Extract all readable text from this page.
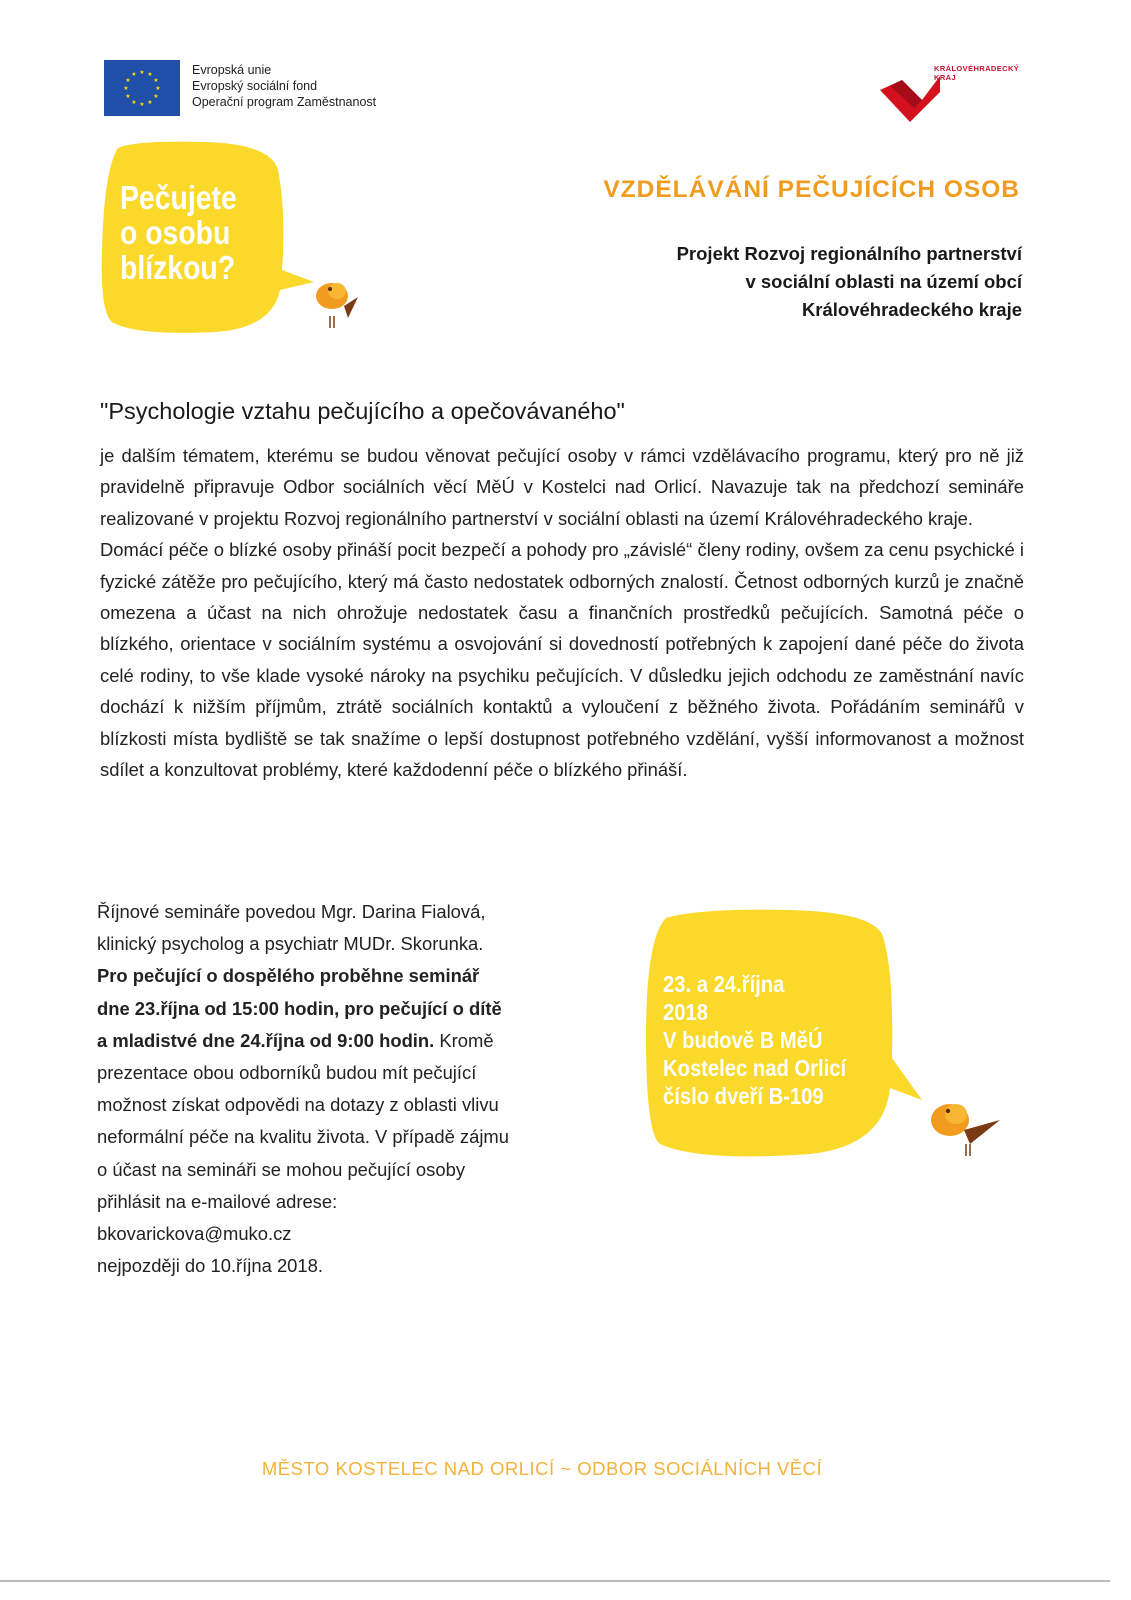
★ ★
★
★
★
★
★
★
★
★
★
★	Evropská unie
Evropský sociální fond
Operační program Zaměstnanost
KRÁLOVÉHRADECKÝ
KRAJ
Pečujete
o osobu
blízkou?
VZDĚLÁVÁNÍ PEČUJÍCÍCH OSOB
Projekt Rozvoj regionálního partnerství
v sociální oblasti na území obcí
Královéhradeckého kraje
"Psychologie vztahu pečujícího a opečovávaného"

je dalším tématem, kterému se budou věnovat pečující osoby v rámci vzdělávacího programu, který pro ně již pravidelně připravuje Odbor sociálních věcí MěÚ v Kostelci nad Orlicí. Navazuje tak na předchozí semináře realizované v projektu Rozvoj regionálního partnerství v sociální oblasti na území Královéhradeckého kraje.

Domácí péče o blízké osoby přináší pocit bezpečí a pohody pro „závislé“ členy rodiny, ovšem za cenu psychické i fyzické zátěže pro pečujícího, který má často nedostatek odborných znalostí. Četnost odborných kurzů je značně omezena a účast na nich ohrožuje nedostatek času a finančních prostředků pečujících. Samotná péče o blízkého, orientace v sociálním systému a osvojování si dovedností potřebných k zapojení dané péče do života celé rodiny, to vše klade vysoké nároky na psychiku pečujících. V důsledku jejich odchodu ze zaměstnání navíc dochází k nižším příjmům, ztrátě sociálních kontaktů a vyloučení z běžného života. Pořádáním seminářů v blízkosti místa bydliště se tak snažíme o lepší dostupnost potřebného vzdělání, vyšší informovanost a možnost sdílet a konzultovat problémy, které každodenní péče o blízkého přináší.

Říjnové semináře povedou Mgr. Darina Fialová,
klinický psycholog a psychiatr MUDr. Skorunka.
Pro pečující o dospělého proběhne seminář
dne 23.října od 15:00 hodin, pro pečující o dítě
a mladistvé dne 24.října od 9:00 hodin. Kromě
prezentace obou odborníků budou mít pečující
možnost získat odpovědi na dotazy z oblasti vlivu
neformální péče na kvalitu života. V případě zájmu
o účast na semináři se mohou pečující osoby
přihlásit na e-mailové adrese:
bkovarickova@muko.cz
nejpozději do 10.října 2018.
23. a 24.října
2018
V budově B MěÚ
Kostelec nad Orlicí
číslo dveří B-109
MĚSTO KOSTELEC NAD ORLICÍ ~ ODBOR SOCIÁLNÍCH VĚCÍ
